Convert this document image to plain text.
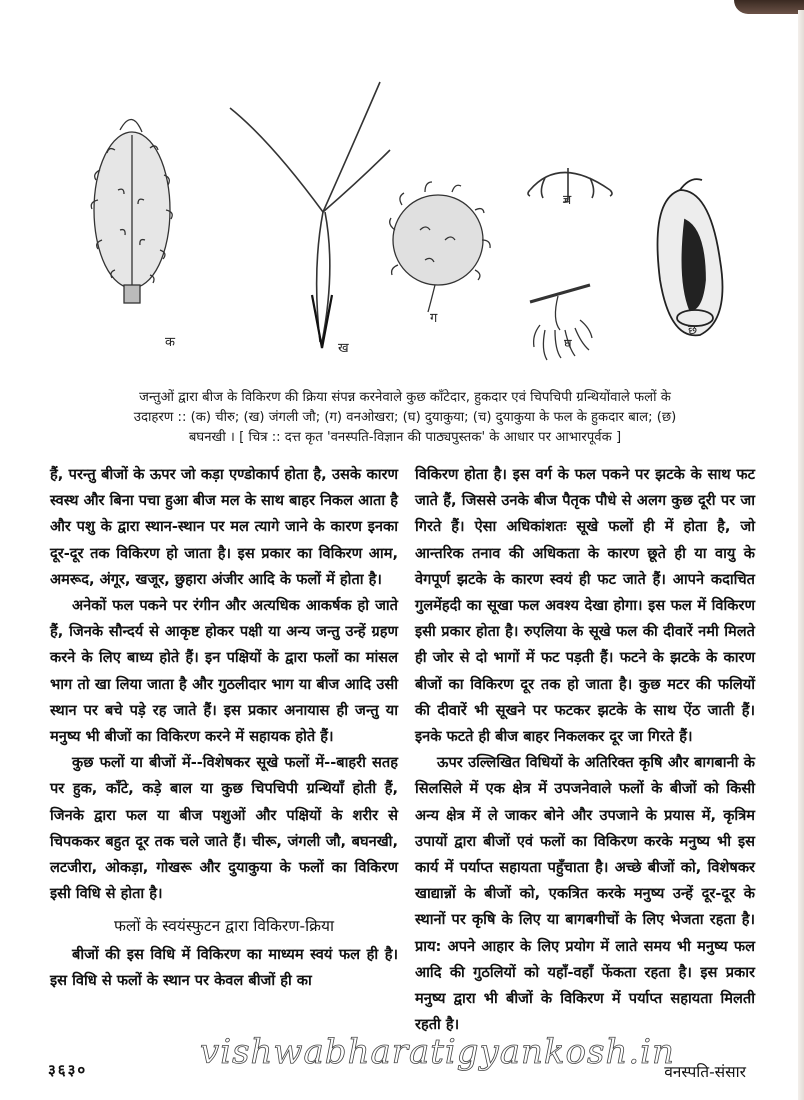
क	ख
ग
च
घ
छ
जन्तुओं द्वारा बीज के विकिरण की क्रिया संपन्न करनेवाले कुछ काँटेदार, हुकदार एवं चिपचिपी ग्रन्थियोंवाले फलों के
उदाहरण :: (क) चीरु; (ख) जंगली जौ; (ग) वनओखरा; (घ) दुयाकुया; (च) दुयाकुया के फल के हुकदार बाल; (छ)
बघनखी । [ चित्र :: दत्त कृत 'वनस्पति-विज्ञान की पाठ्यपुस्तक' के आधार पर आभारपूर्वक ]

हैं, परन्तु बीजों के ऊपर जो कड़ा एण्डोकार्प होता है, उसके कारण स्वस्थ और बिना पचा हुआ बीज मल के साथ बाहर निकल आता है और पशु के द्वारा स्थान-स्थान पर मल त्यागे जाने के कारण इनका दूर-दूर तक विकिरण हो जाता है। इस प्रकार का विकिरण आम, अमरूद, अंगूर, खजूर, छुहारा अंजीर आदि के फलों में होता है।

अनेकों फल पकने पर रंगीन और अत्यधिक आकर्षक हो जाते हैं, जिनके सौन्दर्य से आकृष्ट होकर पक्षी या अन्य जन्तु उन्हें ग्रहण करने के लिए बाध्य होते हैं। इन पक्षियों के द्वारा फलों का मांसल भाग तो खा लिया जाता है और गुठलीदार भाग या बीज आदि उसी स्थान पर बचे पड़े रह जाते हैं। इस प्रकार अनायास ही जन्तु या मनुष्य भी बीजों का विकिरण करने में सहायक होते हैं।

कुछ फलों या बीजों में--विशेषकर सूखे फलों में--बाहरी सतह पर हुक, काँटे, कड़े बाल या कुछ चिपचिपी ग्रन्थियाँ होती हैं, जिनके द्वारा फल या बीज पशुओं और पक्षियों के शरीर से चिपककर बहुत दूर तक चले जाते हैं। चीरू, जंगली जौ, बघनखी, लटजीरा, ओकड़ा, गोखरू और दुयाकुया के फलों का विकिरण इसी विधि से होता है।

फलों के स्वयंस्फुटन द्वारा विकिरण-क्रिया

बीजों की इस विधि में विकिरण का माध्यम स्वयं फल ही है। इस विधि से फलों के स्थान पर केवल बीजों ही का

विकिरण होता है। इस वर्ग के फल पकने पर झटके के साथ फट जाते हैं, जिससे उनके बीज पैतृक पौधे से अलग कुछ दूरी पर जा गिरते हैं। ऐसा अधिकांशतः सूखे फलों ही में होता है, जो आन्तरिक तनाव की अधिकता के कारण छूते ही या वायु के वेगपूर्ण झटके के कारण स्वयं ही फट जाते हैं। आपने कदाचित गुलमेंहदी का सूखा फल अवश्य देखा होगा। इस फल में विकिरण इसी प्रकार होता है। रुएलिया के सूखे फल की दीवारें नमी मिलते ही जोर से दो भागों में फट पड़ती हैं। फटने के झटके के कारण बीजों का विकिरण दूर तक हो जाता है। कुछ मटर की फलियों की दीवारें भी सूखने पर फटकर झटके के साथ ऐंठ जाती हैं। इनके फटते ही बीज बाहर निकलकर दूर जा गिरते हैं।

ऊपर उल्लिखित विधियों के अतिरिक्त कृषि और बागबानी के सिलसिले में एक क्षेत्र में उपजनेवाले फलों के बीजों को किसी अन्य क्षेत्र में ले जाकर बोने और उपजाने के प्रयास में, कृत्रिम उपायों द्वारा बीजों एवं फलों का विकिरण करके मनुष्य भी इस कार्य में पर्याप्त सहायता पहुँचाता है। अच्छे बीजों को, विशेषकर खाद्यान्नों के बीजों को, एकत्रित करके मनुष्य उन्हें दूर-दूर के स्थानों पर कृषि के लिए या बागबगीचों के लिए भेजता रहता है। प्राय: अपने आहार के लिए प्रयोग में लाते समय भी मनुष्य फल आदि की गुठलियों को यहाँ-वहाँ फेंकता रहता है। इस प्रकार मनुष्य द्वारा भी बीजों के विकिरण में पर्याप्त सहायता मिलती रहती है।

vishwabharatigyankosh.in
३६३०	वनस्पति-संसार
